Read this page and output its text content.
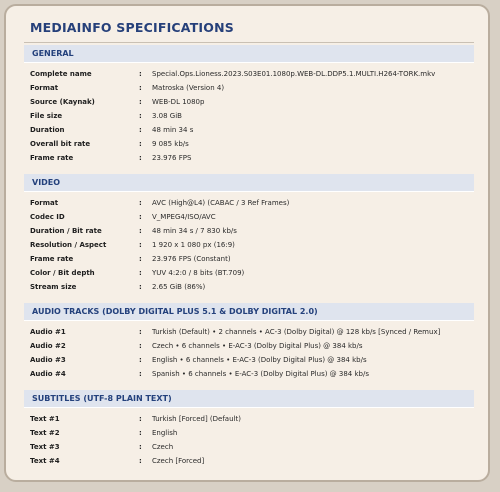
MEDIAINFO SPECIFICATIONS
GENERAL
Complete name	: Special.Ops.Lioness.2023.S03E01.1080p.WEB-DL.DDP5.1.MULTI.H264-TORK.mkv
Format	: Matroska (Version 4)
Source (Kaynak)	: WEB-DL 1080p
File size	: 3.08 GiB
Duration	: 48 min 34 s
Overall bit rate	: 9 085 kb/s
Frame rate	: 23.976 FPS
VIDEO
Format	: AVC (High@L4) (CABAC / 3 Ref Frames)
Codec ID	: V_MPEG4/ISO/AVC
Duration / Bit rate	: 48 min 34 s / 7 830 kb/s
Resolution / Aspect	: 1 920 x 1 080 px (16:9)
Frame rate	: 23.976 FPS (Constant)
Color / Bit depth	: YUV 4:2:0 / 8 bits (BT.709)
Stream size	: 2.65 GiB (86%)
AUDIO TRACKS (DOLBY DIGITAL PLUS 5.1 & DOLBY DIGITAL 2.0)
Audio #1	: Turkish (Default) • 2 channels • AC-3 (Dolby Digital) @ 128 kb/s [Synced / Remux]
Audio #2	: Czech • 6 channels • E-AC-3 (Dolby Digital Plus) @ 384 kb/s
Audio #3	: English • 6 channels • E-AC-3 (Dolby Digital Plus) @ 384 kb/s
Audio #4	: Spanish • 6 channels • E-AC-3 (Dolby Digital Plus) @ 384 kb/s
SUBTITLES (UTF-8 PLAIN TEXT)
Text #1	: Turkish [Forced] (Default)
Text #2	: English
Text #3	: Czech
Text #4	: Czech [Forced]
